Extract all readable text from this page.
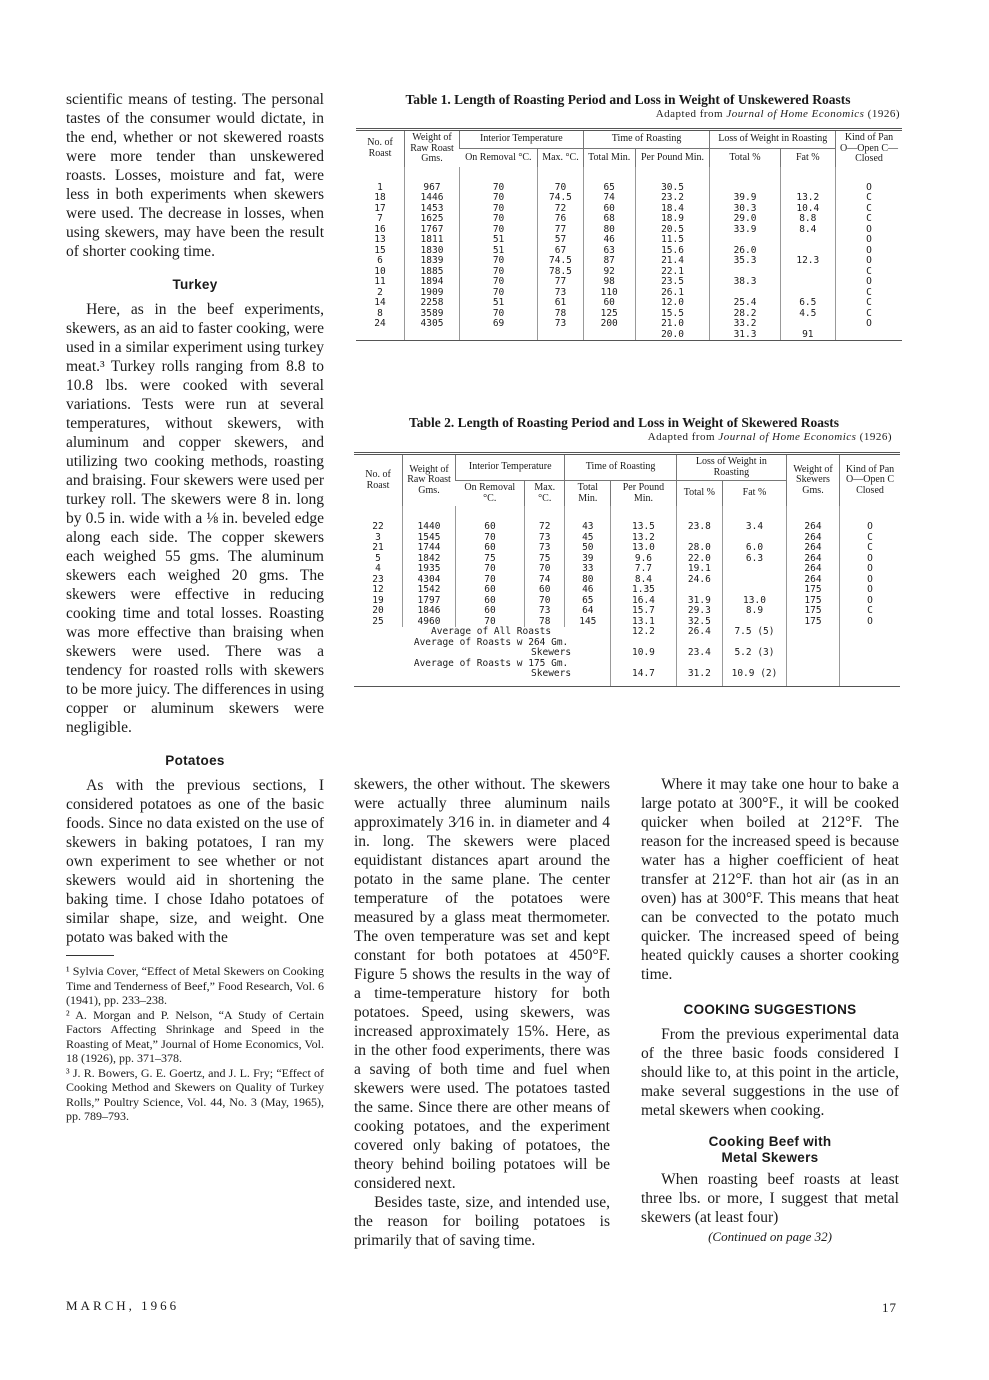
scientific means of testing. The personal tastes of the consumer would dictate, in the end, whether or not skewered roasts were more tender than unskewered roasts. Losses, moisture and fat, were less in both experiments when skewers were used. The decrease in losses, when using skewers, may have been the result of shorter cooking time.

Turkey

Here, as in the beef experiments, skewers, as an aid to faster cooking, were used in a similar experiment using turkey meat.³ Turkey rolls ranging from 8.8 to 10.8 lbs. were cooked with several variations. Tests were run at several temperatures, without skewers, with aluminum and copper skewers, and utilizing two cooking methods, roasting and braising. Four skewers were used per turkey roll. The skewers were 8 in. long by 0.5 in. wide with a ⅛ in. beveled edge along each side. The copper skewers each weighed 55 gms. The aluminum skewers each weighed 20 gms. The skewers were effective in reducing cooking time and total losses. Roasting was more effective than braising when skewers were used. There was a tendency for roasted rolls with skewers to be more juicy. The differences in using copper or aluminum skewers were negligible.

Potatoes

As with the previous sections, I considered potatoes as one of the basic foods. Since no data existed on the use of skewers in baking potatoes, I ran my own experiment to see whether or not skewers would aid in shortening the baking time. I chose Idaho potatoes of similar shape, size, and weight. One potato was baked with the

¹ Sylvia Cover, “Effect of Metal Skewers on Cooking Time and Tenderness of Beef,” Food Research, Vol. 6 (1941), pp. 233–238.

² A. Morgan and P. Nelson, “A Study of Certain Factors Affecting Shrinkage and Speed in the Roasting of Meat,” Journal of Home Economics, Vol. 18 (1926), pp. 371–378.

³ J. R. Bowers, G. E. Goertz, and J. L. Fry; “Effect of Cooking Method and Skewers on Quality of Turkey Rolls,” Poultry Science, Vol. 44, No. 3 (May, 1965), pp. 789–793.

Table 1. Length of Roasting Period and Loss in Weight of Unskewered Roasts
Adapted from Journal of Home Economics (1926)
No. of Roast	Weight of Raw Roast Gms.	Interior Temperature		Time of Roasting		Loss of Weight in Roasting		Kind of Pan
O—Open C—Closed
		On Removal °C.	Max. °C.	Total Min.	Per Pound Min.	Total %	Fat %	
1	967	70	70	65	30.5			O
18	1446	70	74.5	74	23.2	39.9	13.2	C
17	1453	70	72	60	18.4	30.3	10.4	C
7	1625	70	76	68	18.9	29.0	8.8	C
16	1767	70	77	80	20.5	33.9	8.4	O
13	1811	51	57	46	11.5			O
15	1830	51	67	63	15.6	26.0		O
6	1839	70	74.5	87	21.4	35.3	12.3	O
10	1885	70	78.5	92	22.1			C
11	1894	70	77	98	23.5	38.3		O
2	1909	70	73	110	26.1			C
14	2258	51	61	60	12.0	25.4	6.5	C
8	3589	70	78	125	15.5	28.2	4.5	C
24	4305	69	73	200	21.0	33.2		O
					20.0	31.3	91	
Table 2. Length of Roasting Period and Loss in Weight of Skewered Roasts
Adapted from Journal of Home Economics (1926)
No. of Roast	Weight of Raw Roast Gms.	Interior Temperature		Time of Roasting		Loss of Weight in Roasting		Weight of Skewers Gms.	Kind of Pan
O—Open C Closed
		On Removal °C.	Max. °C.	Total Min.	Per Pound Min.	Total %	Fat %		
22	1440	60	72	43	13.5	23.8	3.4	264	O
3	1545	70	73	45	13.2			264	C
21	1744	60	73	50	13.0	28.0	6.0	264	C
5	1842	75	75	39	9.6	22.0	6.3	264	O
4	1935	70	70	33	7.7	19.1		264	O
23	4304	70	74	80	8.4	24.6		264	O
12	1542	60	60	46	1.35			175	O
19	1797	60	70	65	16.4	31.9	13.0	175	O
20	1846	60	73	64	15.7	29.3	8.9	175	C
25	4960	70	78	145	13.1	32.5		175	O
Average of All Roasts					12.2	26.4	7.5 (5)		
Average of Roasts w 264 Gm.
Skewers					10.9	23.4	5.2 (3)		
Average of Roasts w 175 Gm.
Skewers					14.7	31.2	10.9 (2)		

skewers, the other without. The skewers were actually three aluminum nails approximately 3⁄16 in. in diameter and 4 in. long. The skewers were placed equidistant distances apart around the potato in the same plane. The center temperature of the potatoes were measured by a glass meat thermometer. The oven temperature was set and kept constant for both potatoes at 450°F. Figure 5 shows the results in the way of a time-temperature history for both potatoes. Speed, using skewers, was increased approximately 15%. Here, as in the other food experiments, there was a saving of both time and fuel when skewers were used. The potatoes tasted the same. Since there are other means of cooking potatoes, and the experiment covered only baking of potatoes, the theory behind boiling potatoes will be considered next.

Besides taste, size, and intended use, the reason for boiling potatoes is primarily that of saving time.

Where it may take one hour to bake a large potato at 300°F., it will be cooked quicker when boiled at 212°F. The reason for the increased speed is because water has a higher coefficient of heat transfer at 212°F. than hot air (as in an oven) has at 300°F. This means that heat can be convected to the potato much quicker. The increased speed of being heated quickly causes a shorter cooking time.

COOKING SUGGESTIONS

From the previous experimental data of the three basic foods considered I should like to, at this point in the article, make several suggestions in the use of metal skewers when cooking.

Cooking Beef with
Metal Skewers

When roasting beef roasts at least three lbs. or more, I suggest that metal skewers (at least four)

(Continued on page 32)
MARCH, 1966	17
